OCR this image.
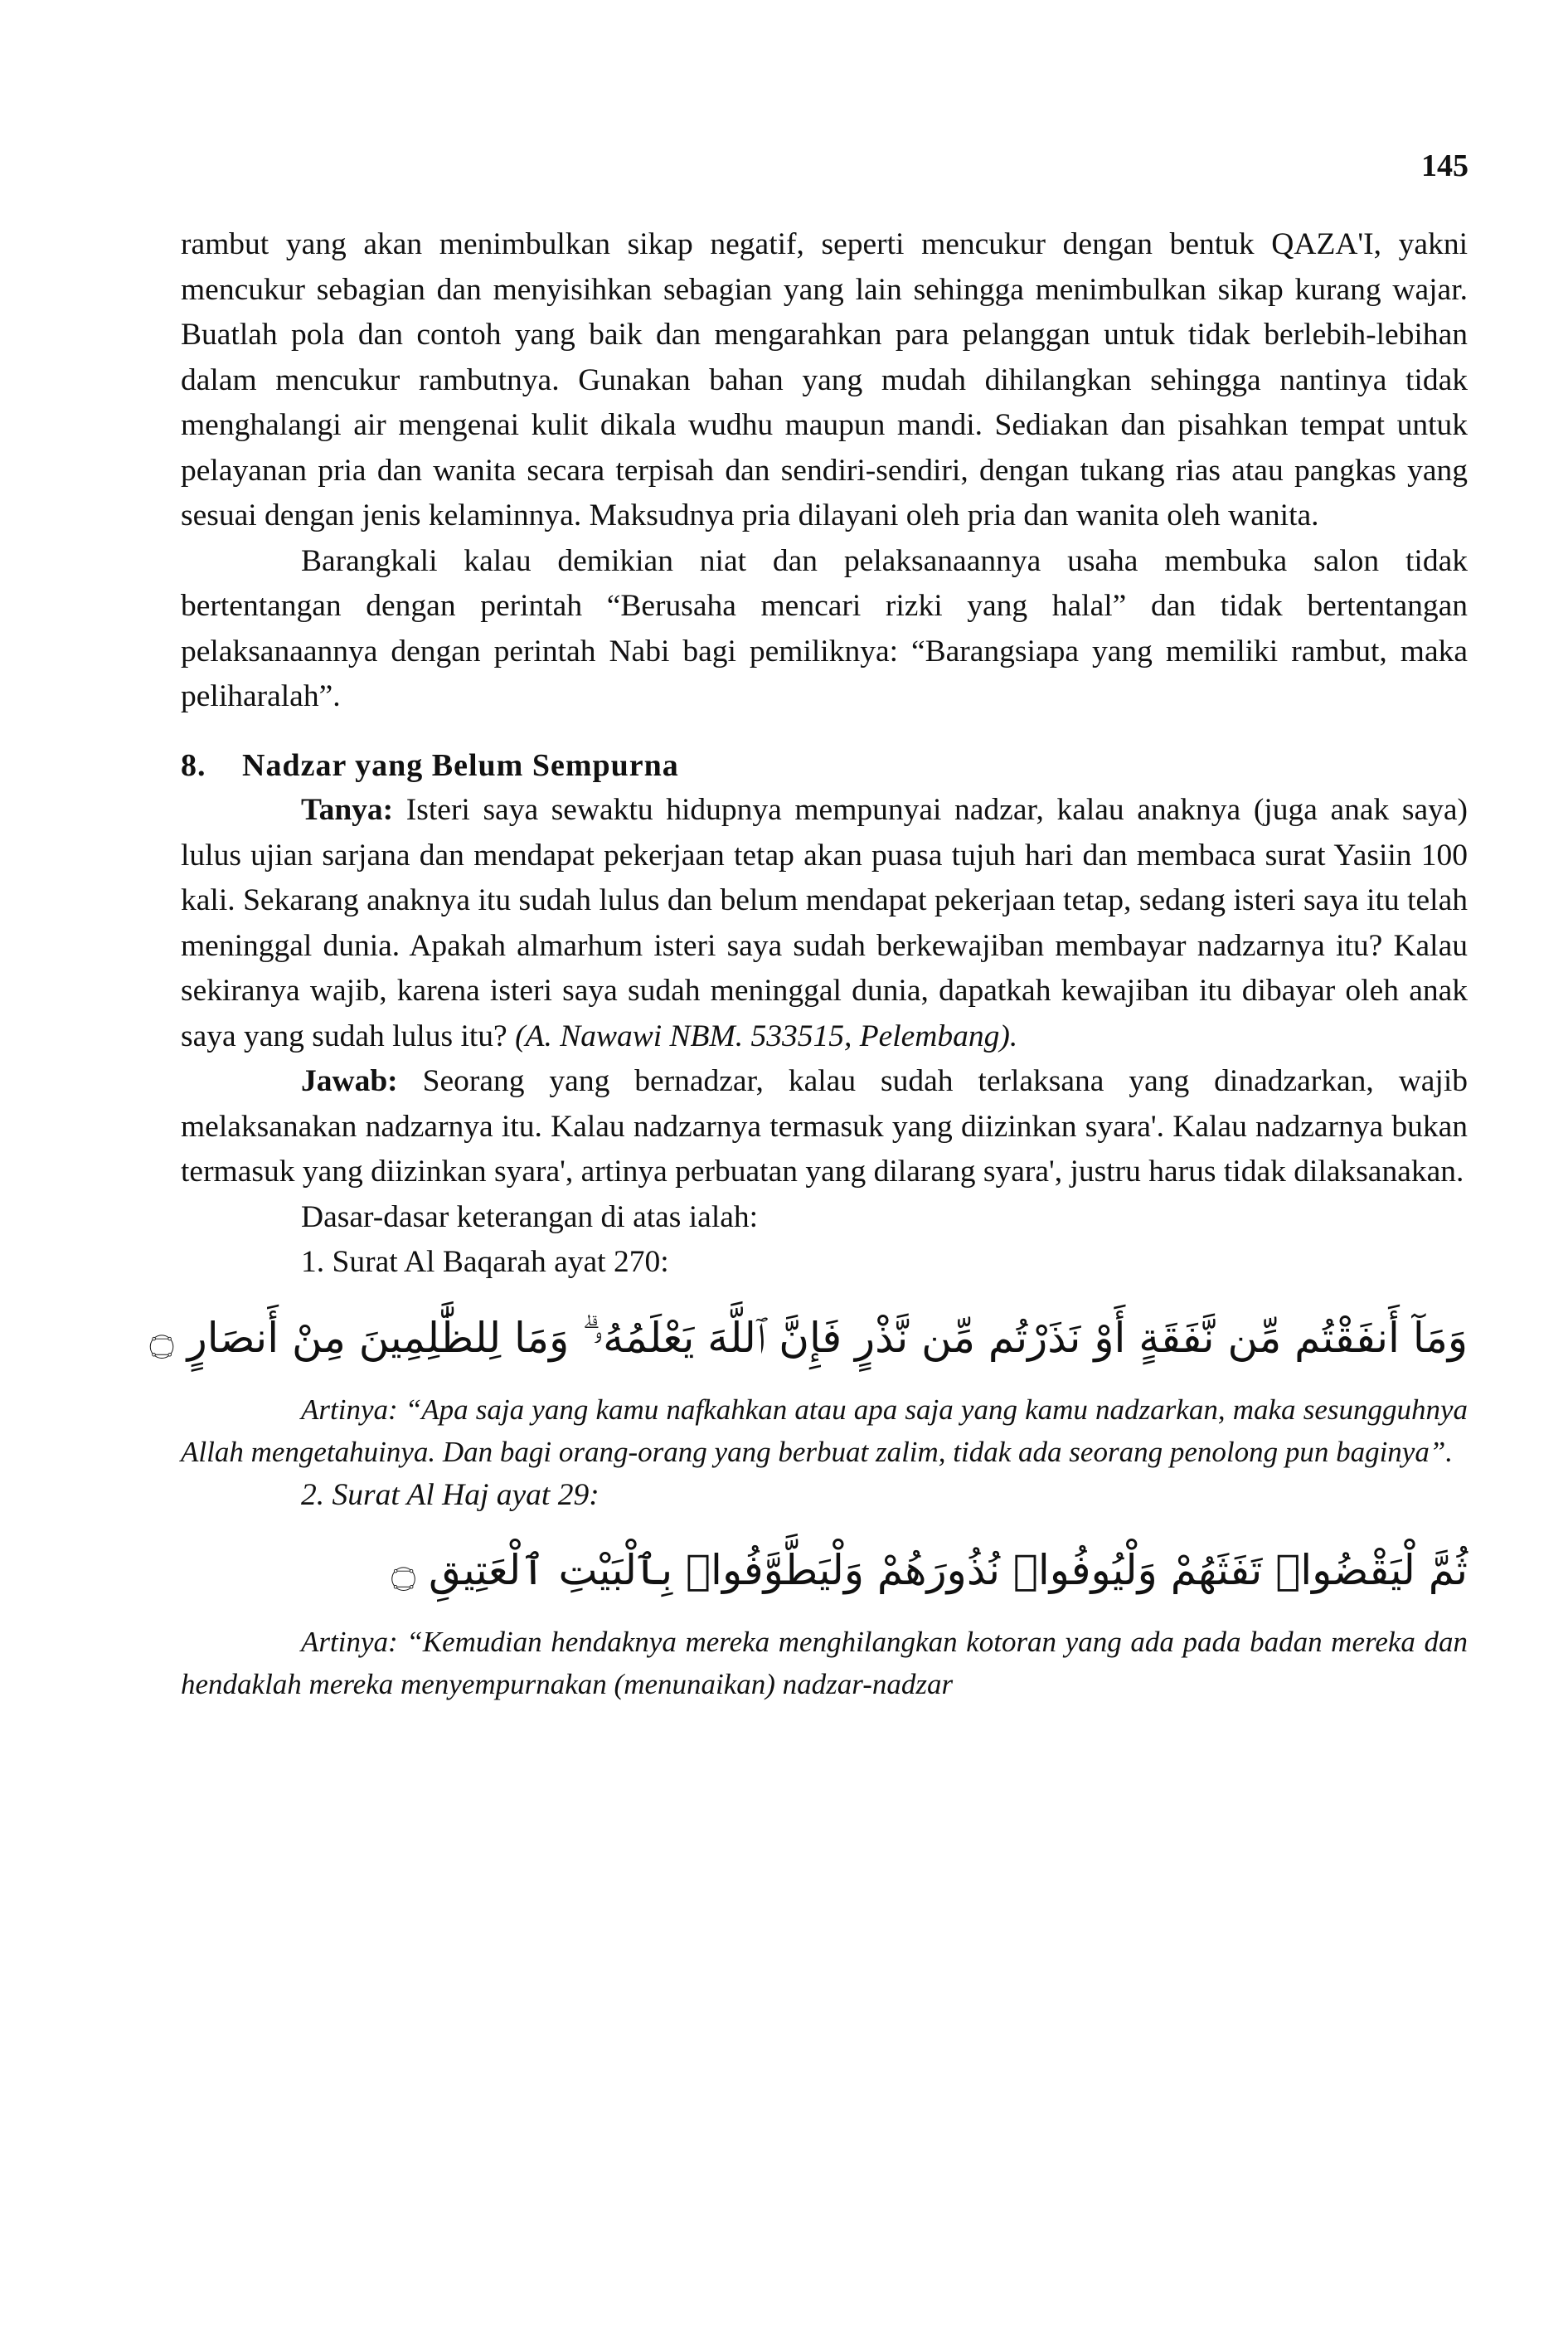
145

rambut yang akan menimbulkan sikap negatif, seperti mencukur dengan bentuk QAZA'I, yakni mencukur sebagian dan menyisihkan sebagian yang lain sehingga menimbulkan sikap kurang wajar. Buatlah pola dan contoh yang baik dan mengarahkan para pelanggan untuk tidak berlebih-lebihan dalam mencukur rambutnya. Gunakan bahan yang mudah dihilangkan sehingga nantinya tidak menghalangi air mengenai kulit dikala wudhu maupun mandi. Sediakan dan pisahkan tempat untuk pelayanan pria dan wanita secara terpisah dan sendiri-sendiri, dengan tukang rias atau pangkas yang sesuai dengan jenis kelaminnya. Maksudnya pria dilayani oleh pria dan wanita oleh wanita.

Barangkali kalau demikian niat dan pelaksanaannya usaha membuka salon tidak bertentangan dengan perintah “Berusaha mencari rizki yang halal” dan tidak bertentangan pelaksanaannya dengan perintah Nabi bagi pemiliknya: “Barangsiapa yang memiliki rambut, maka peliharalah”.

8. Nadzar yang Belum Sempurna

Tanya: Isteri saya sewaktu hidupnya mempunyai nadzar, kalau anaknya (juga anak saya) lulus ujian sarjana dan mendapat pekerjaan tetap akan puasa tujuh hari dan membaca surat Yasiin 100 kali. Sekarang anaknya itu sudah lulus dan belum mendapat pekerjaan tetap, sedang isteri saya itu telah meninggal dunia. Apakah almarhum isteri saya sudah berkewajiban membayar nadzarnya itu? Kalau sekiranya wajib, karena isteri saya sudah meninggal dunia, dapatkah kewajiban itu dibayar oleh anak saya yang sudah lulus itu? (A. Nawawi NBM. 533515, Pelembang).

Jawab: Seorang yang bernadzar, kalau sudah terlaksana yang dinadzarkan, wajib melaksanakan nadzarnya itu. Kalau nadzarnya termasuk yang diizinkan syara'. Kalau nadzarnya bukan termasuk yang diizinkan syara', artinya perbuatan yang dilarang syara', justru harus tidak dilaksanakan.

Dasar-dasar keterangan di atas ialah:

1. Surat Al Baqarah ayat 270:

وَمَآ أَنفَقْتُم مِّن نَّفَقَةٍ أَوْ نَذَرْتُم مِّن نَّذْرٍ فَإِنَّ ٱللَّهَ يَعْلَمُهُۥ ۗ وَمَا لِلظَّٰلِمِينَ مِنْ أَنصَارٍ ۝

Artinya: “Apa saja yang kamu nafkahkan atau apa saja yang kamu nadzarkan, maka sesungguhnya Allah mengetahuinya. Dan bagi orang-orang yang berbuat zalim, tidak ada seorang penolong pun baginya”.

2. Surat Al Haj ayat 29:

ثُمَّ لْيَقْضُوا۟ تَفَثَهُمْ وَلْيُوفُوا۟ نُذُورَهُمْ وَلْيَطَّوَّفُوا۟ بِٱلْبَيْتِ ٱلْعَتِيقِ ۝

Artinya: “Kemudian hendaknya mereka menghilangkan kotoran yang ada pada badan mereka dan hendaklah mereka menyempurnakan (menunaikan) nadzar-nadzar
